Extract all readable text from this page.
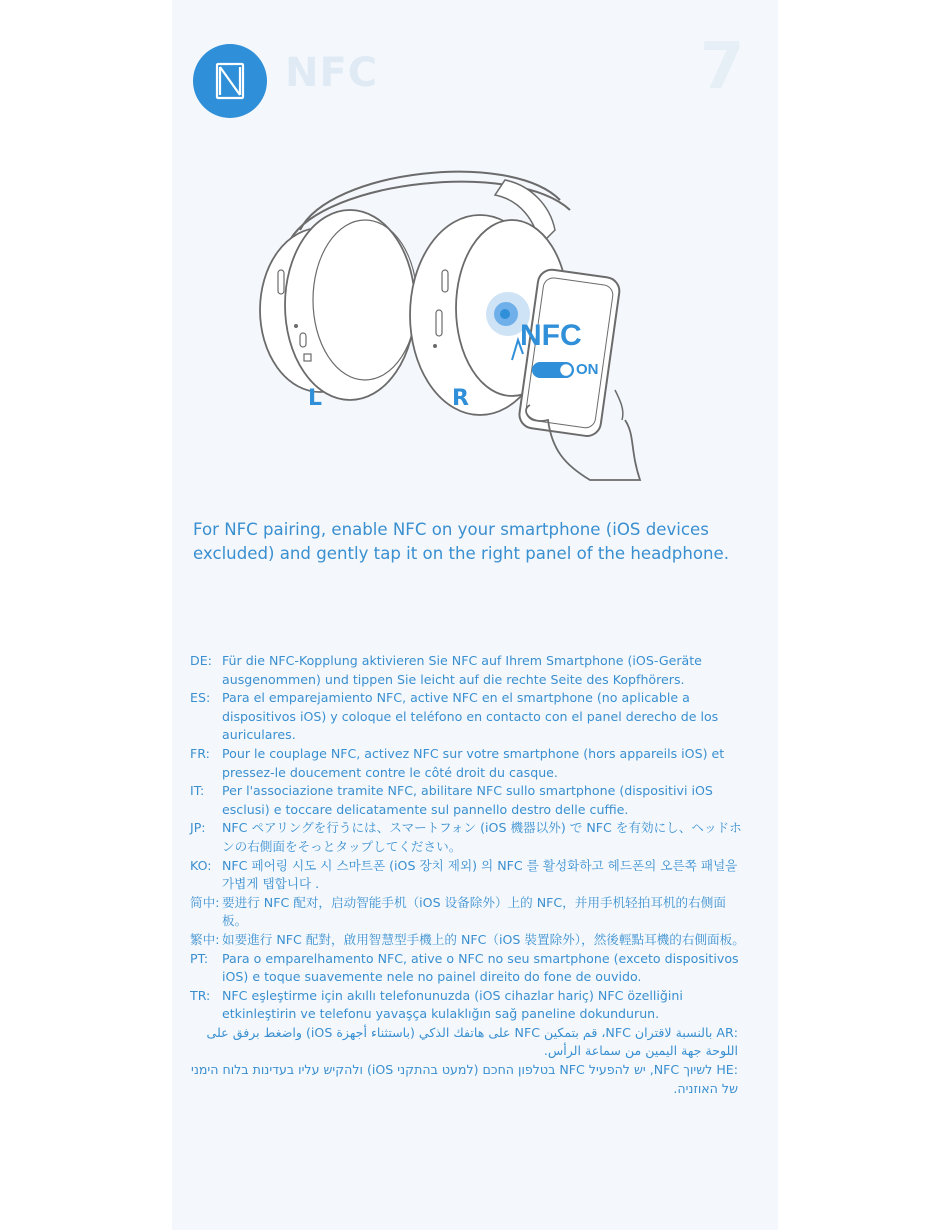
NFC	7
NFC
ON
L	R
For NFC pairing, enable NFC on your smartphone (iOS devices excluded) and gently tap it on the right panel of the headphone.
DE: Für die NFC-Kopplung aktivieren Sie NFC auf Ihrem Smartphone (iOS-Geräte ausgenommen) und tippen Sie leicht auf die rechte Seite des Kopfhörers.
ES: Para el emparejamiento NFC, active NFC en el smartphone (no aplicable a dispositivos iOS) y coloque el teléfono en contacto con el panel derecho de los auriculares.
FR: Pour le couplage NFC, activez NFC sur votre smartphone (hors appareils iOS) et pressez-le doucement contre le côté droit du casque.
IT:	Per l'associazione tramite NFC, abilitare NFC sullo smartphone (dispositivi iOS esclusi) e toccare delicatamente sul pannello destro delle cuffie.
JP:	NFC ペアリングを行うには、スマートフォン (iOS 機器以外) で NFC を有効にし、ヘッドホンの右側面をそっとタップしてください。
KO: NFC 페어링 시도 시 스마트폰 (iOS 장치 제외) 의 NFC 를 활성화하고 헤드폰의 오른쪽 패널을 가볍게 탭합니다 .
简中: 要进行 NFC 配对，启动智能手机（iOS 设备除外）上的 NFC，并用手机轻拍耳机的右侧面板。
繁中: 如要進行 NFC 配對，啟用智慧型手機上的 NFC（iOS 裝置除外），然後輕點耳機的右側面板。
PT:	Para o emparelhamento NFC, ative o NFC no seu smartphone (exceto dispositivos iOS) e toque suavemente nele no painel direito do fone de ouvido.
TR: NFC eşleştirme için akıllı telefonunuzda (iOS cihazlar hariç) NFC özelliğini etkinleştirin ve telefonu yavaşça kulaklığın sağ paneline dokundurun.
:AR بالنسبة لاقتران NFC، قم بتمكين NFC على هاتفك الذكي (باستثناء أجهزة iOS) واضغط برفق على اللوحة جهة اليمين من سماعة الرأس.
:HE לשיוך NFC, יש להפעיל NFC בטלפון החכם (למעט בהתקני iOS) ולהקיש עליו בעדינות בלוח הימני של האוזניה.
